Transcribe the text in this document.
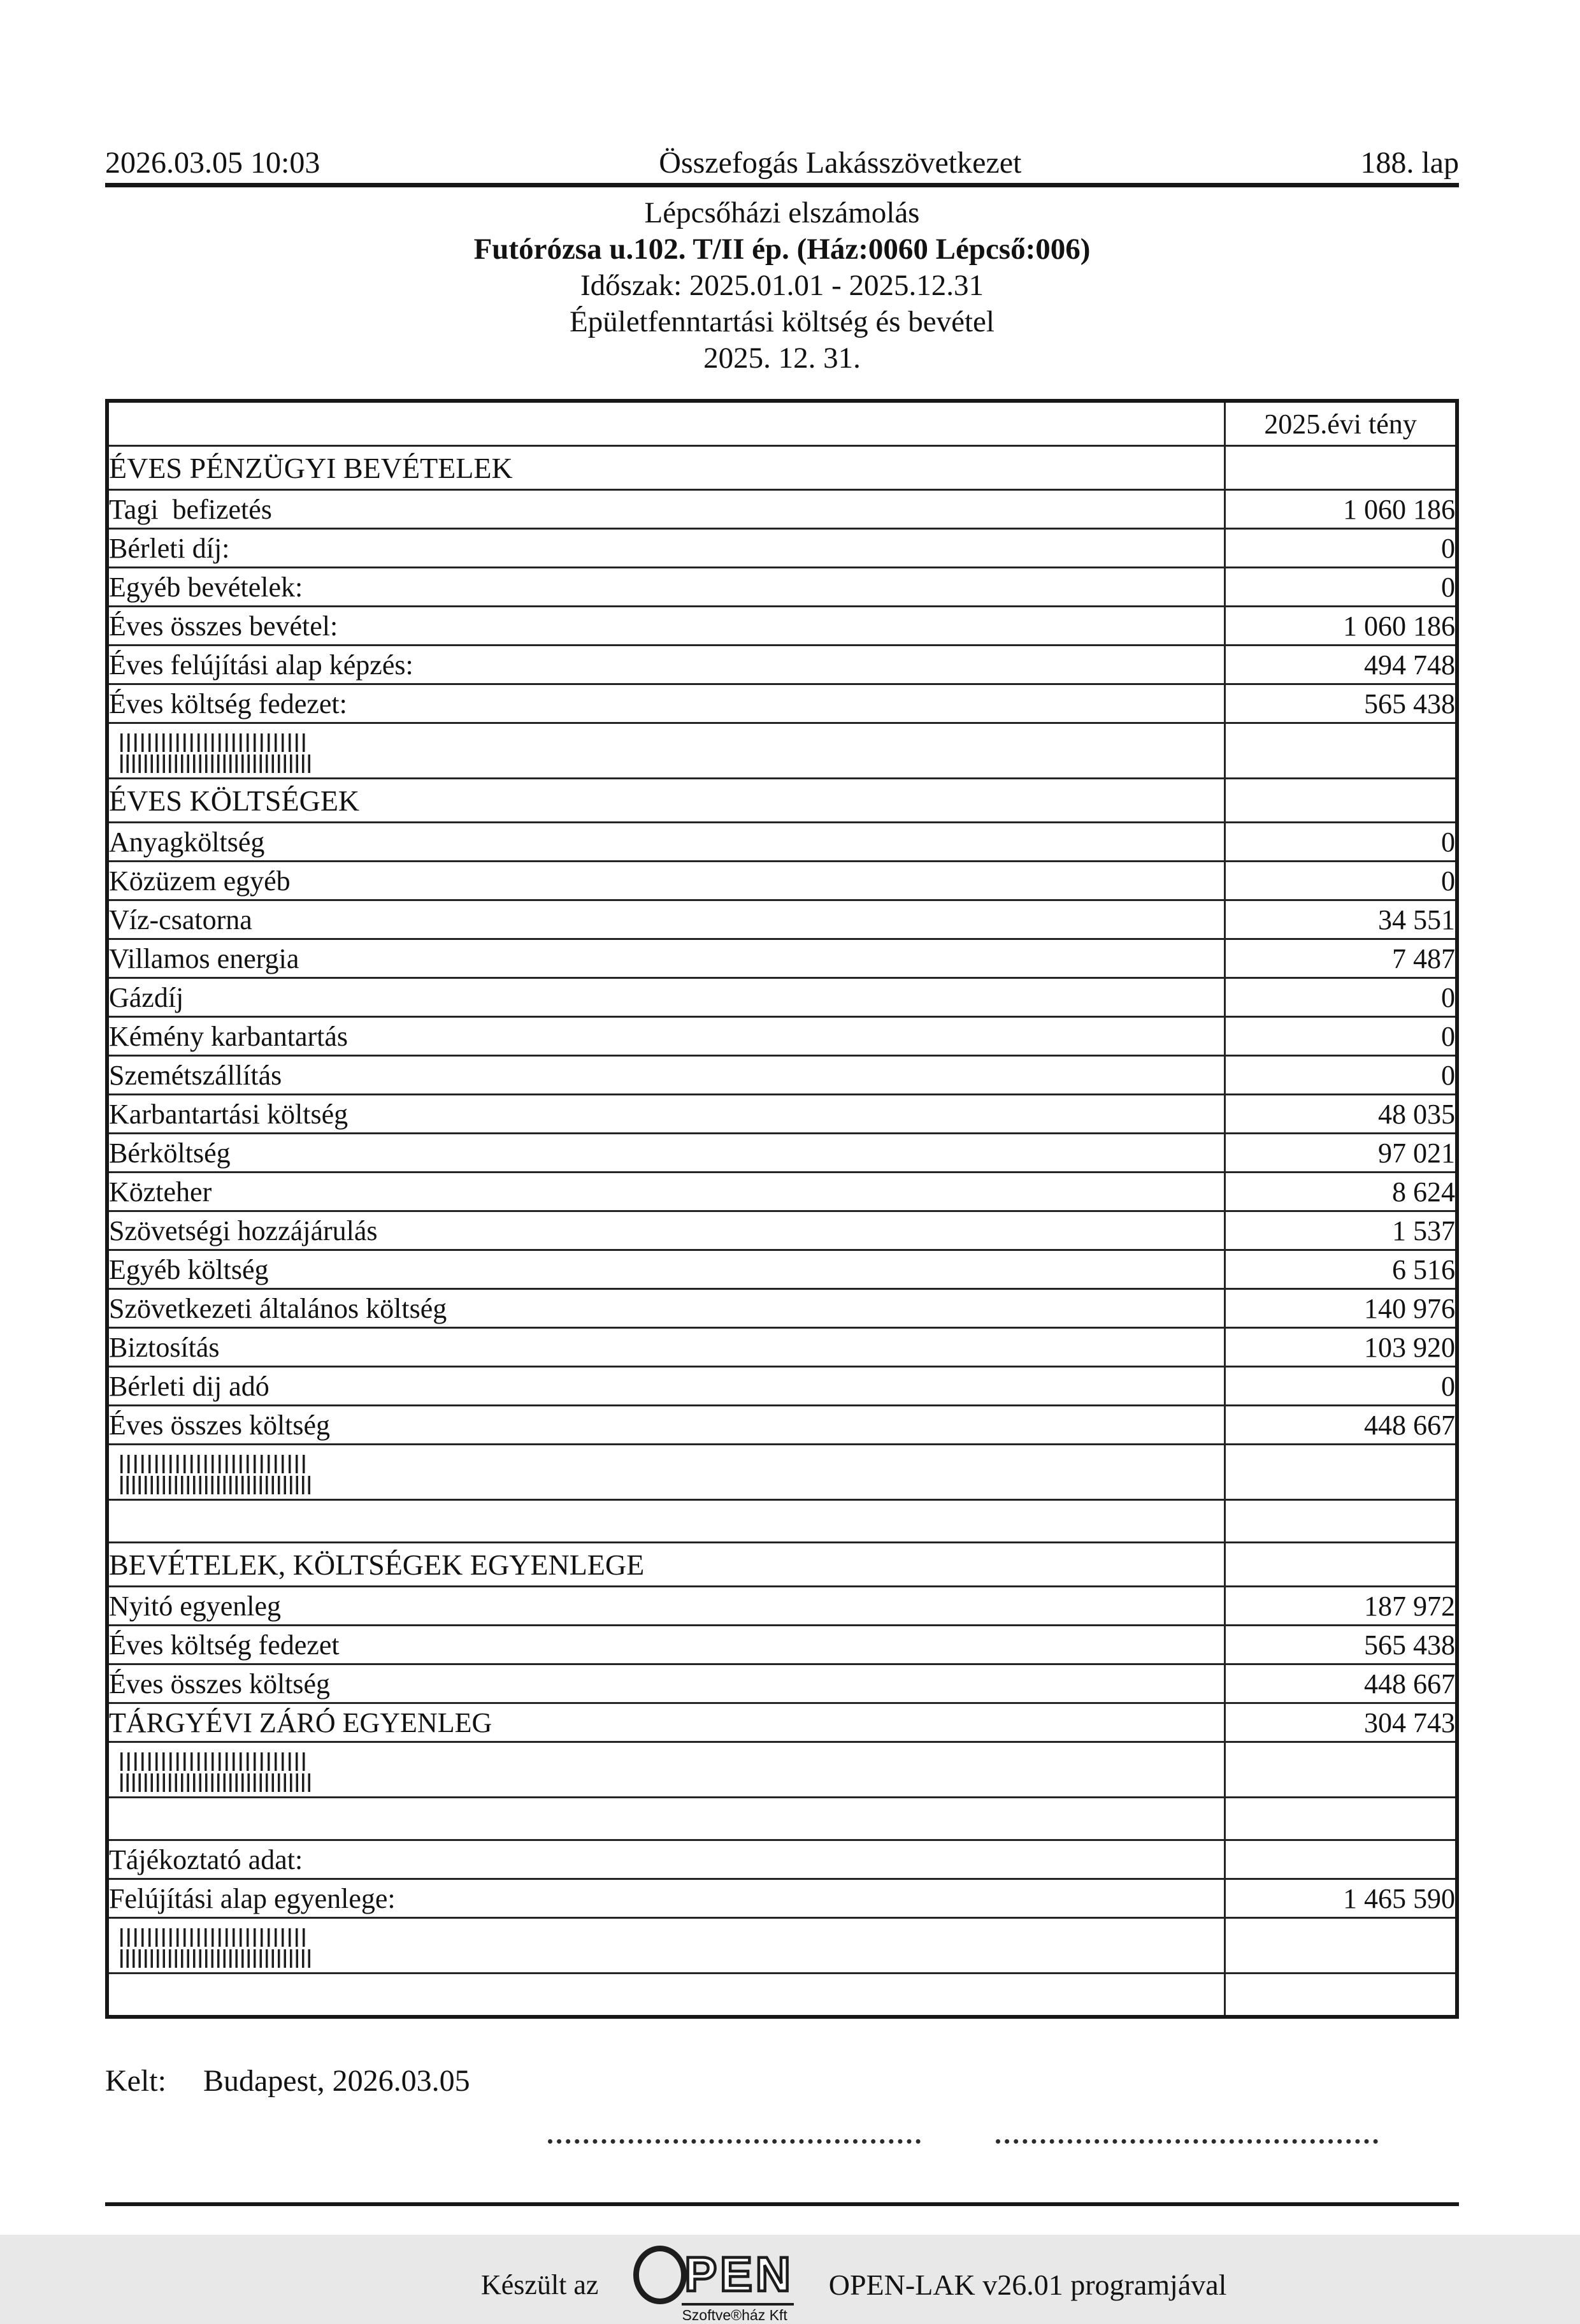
2026.03.05 10:03	Összefogás Lakásszövetkezet	188. lap
Lépcsőházi elszámolás
Futórózsa u.102. T/II ép. (Ház:0060 Lépcső:006)
Időszak: 2025.01.01 - 2025.12.31
Épületfenntartási költség és bevétel
2025. 12. 31.
	2025.évi tény
ÉVES PÉNZÜGYI BEVÉTELEK	
Tagi  befizetés	1 060 186
Bérleti díj:	0
Egyéb bevételek:	0
Éves összes bevétel:	1 060 186
Éves felújítási alap képzés:	494 748
Éves költség fedezet:	565 438

ÉVES KÖLTSÉGEK	
Anyagköltség	0
Közüzem egyéb	0
Víz-csatorna	34 551
Villamos energia	7 487
Gázdíj	0
Kémény karbantartás	0
Szemétszállítás	0
Karbantartási költség	48 035
Bérköltség	97 021
Közteher	8 624
Szövetségi hozzájárulás	1 537
Egyéb költség	6 516
Szövetkezeti általános költség	140 976
Biztosítás	103 920
Bérleti dij adó	0
Éves összes költség	448 667

BEVÉTELEK, KÖLTSÉGEK EGYENLEGE	
Nyitó egyenleg	187 972
Éves költség fedezet	565 438
Éves összes költség	448 667
TÁRGYÉVI ZÁRÓ EGYENLEG	304 743

Tájékoztató adat:	
Felújítási alap egyenlege:	1 465 590

Kelt: Budapest, 2026.03.05
Készült az PEN
Szoftve®ház Kft
OPEN-LAK v26.01 programjával
